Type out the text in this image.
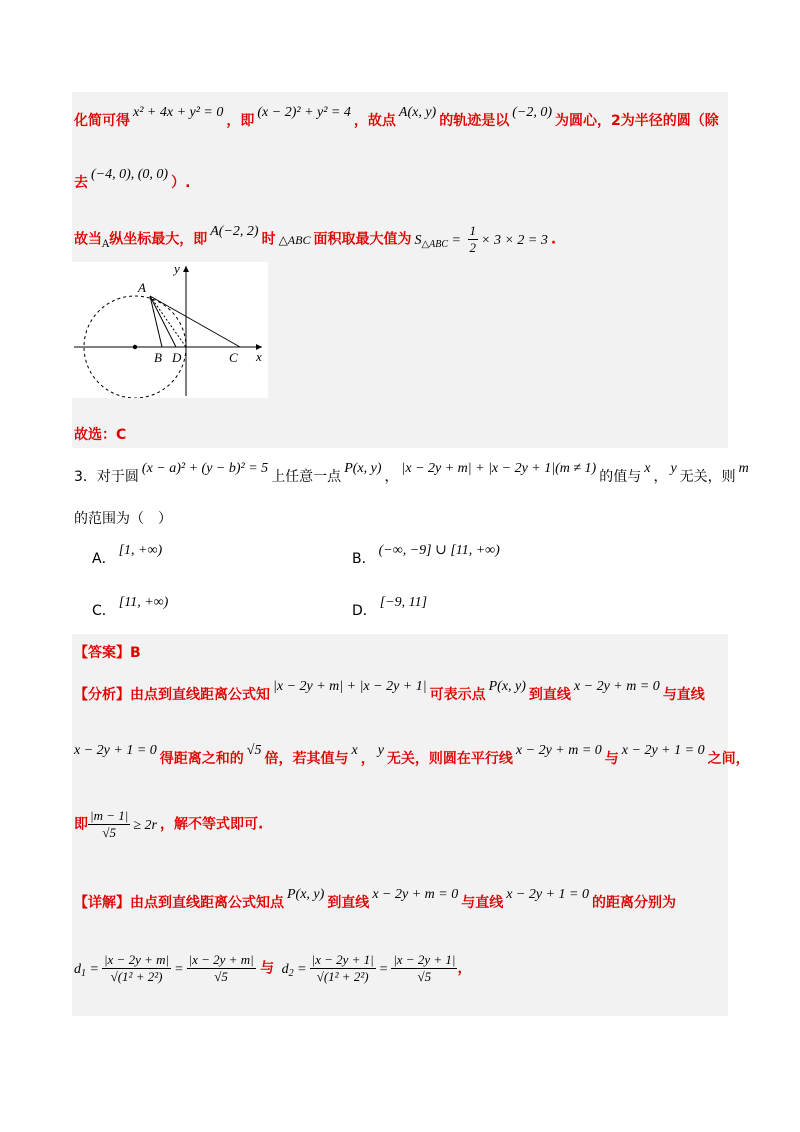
化简可得x² + 4x + y² = 0，即(x − 2)² + y² = 4，故点A(x, y)的轨迹是以(−2, 0)为圆心，2为半径的圆（除
去(−4, 0), (0, 0)）.
故当$_A$纵坐标最大，即A(−2, 2)时 △ABC 面积取最大值为 $S_{\triangle ABC} = \frac{1}{2} \times 3 \times 2 = 3$ .
y
A
B D	C x
故选：C
3．对于圆(x − a)² + (y − b)² = 5上任意一点P(x, y)，|x − 2y + m| + |x − 2y + 1|(m ≠ 1)的值与x，y无关，则m
的范围为（　）
A．[1, +∞)
B．(−∞, −9] ∪ [11, +∞)
C．[11, +∞)
D．[−9, 11]
【答案】B
【分析】由点到直线距离公式知|x − 2y + m| + |x − 2y + 1|可表示点P(x, y)到直线x − 2y + m = 0与直线
x − 2y + 1 = 0得距离之和的√5倍，若其值与x，y无关，则圆在平行线x − 2y + m = 0与x − 2y + 1 = 0之间，
即 $\frac{|m - 1|}{√5} \ge 2r$ ，解不等式即可.
【详解】由点到直线距离公式知点P(x, y)到直线x − 2y + m = 0与直线x − 2y + 1 = 0的距离分别为
$d_1 = \frac{|x - 2y + m|}{\text{√(1² + 2²)}} = \frac{|x - 2y + m|}{√5}$ 与 $d_2 = \frac{|x - 2y + 1|}{\text{√(1² + 2²)}} = \frac{|x - 2y + 1|}{√5}$ ，
